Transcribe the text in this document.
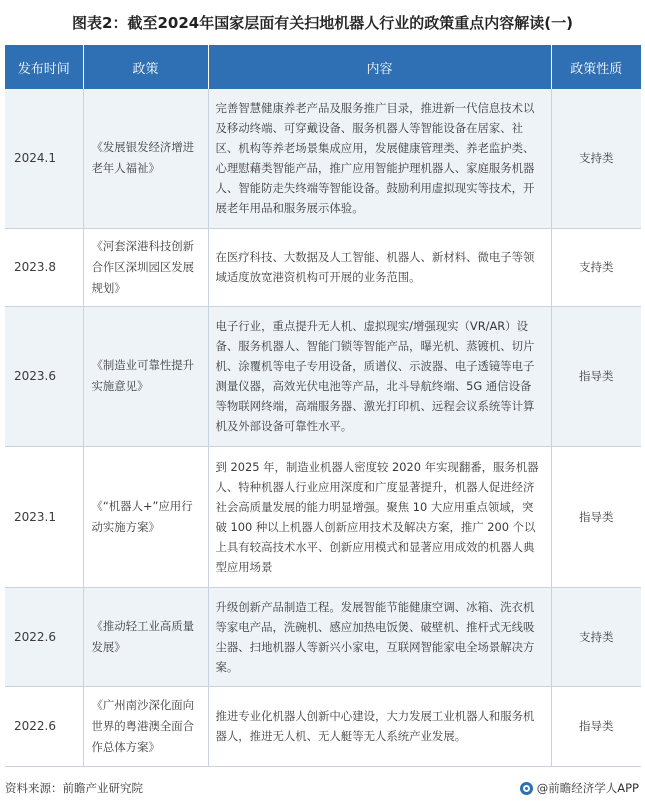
图表2：截至2024年国家层面有关扫地机器人行业的政策重点内容解读(一)
发布时间	政策	内容	政策性质
2024.1	《发展银发经济增进老年人福祉》	完善智慧健康养老产品及服务推广目录，推进新一代信息技术以及移动终端、可穿戴设备、服务机器人等智能设备在居家、社区、机构等养老场景集成应用，发展健康管理类、养老监护类、心理慰藉类智能产品，推广应用智能护理机器人、家庭服务机器人、智能防走失终端等智能设备。鼓励利用虚拟现实等技术，开展老年用品和服务展示体验。	支持类
2023.8	《河套深港科技创新合作区深圳园区发展规划》	在医疗科技、大数据及人工智能、机器人、新材料、微电子等领域适度放宽港资机构可开展的业务范围。	支持类
2023.6	《制造业可靠性提升实施意见》	电子行业，重点提升无人机、虚拟现实/增强现实（VR/AR）设备、服务机器人、智能门锁等智能产品，曝光机、蒸镀机、切片机、涂覆机等电子专用设备，质谱仪、示波器、电子透镜等电子测量仪器，高效光伏电池等产品，北斗导航终端、5G 通信设备等物联网终端，高端服务器、激光打印机、远程会议系统等计算机及外部设备可靠性水平。	指导类
2023.1	《“机器人+”应用行动实施方案》	到 2025 年，制造业机器人密度较 2020 年实现翻番，服务机器人、特种机器人行业应用深度和广度显著提升，机器人促进经济社会高质量发展的能力明显增强。聚焦 10 大应用重点领域，突破 100 种以上机器人创新应用技术及解决方案，推广 200 个以上具有较高技术水平、创新应用模式和显著应用成效的机器人典型应用场景	指导类
2022.6	《推动轻工业高质量发展》	升级创新产品制造工程。发展智能节能健康空调、冰箱、洗衣机等家电产品，洗碗机、感应加热电饭煲、破壁机、推杆式无线吸尘器、扫地机器人等新兴小家电，互联网智能家电全场景解决方案。	支持类
2022.6	《广州南沙深化面向世界的粤港澳全面合作总体方案》	推进专业化机器人创新中心建设，大力发展工业机器人和服务机器人，推进无人机、无人艇等无人系统产业发展。	指导类
资料来源：前瞻产业研究院	@前瞻经济学人APP
